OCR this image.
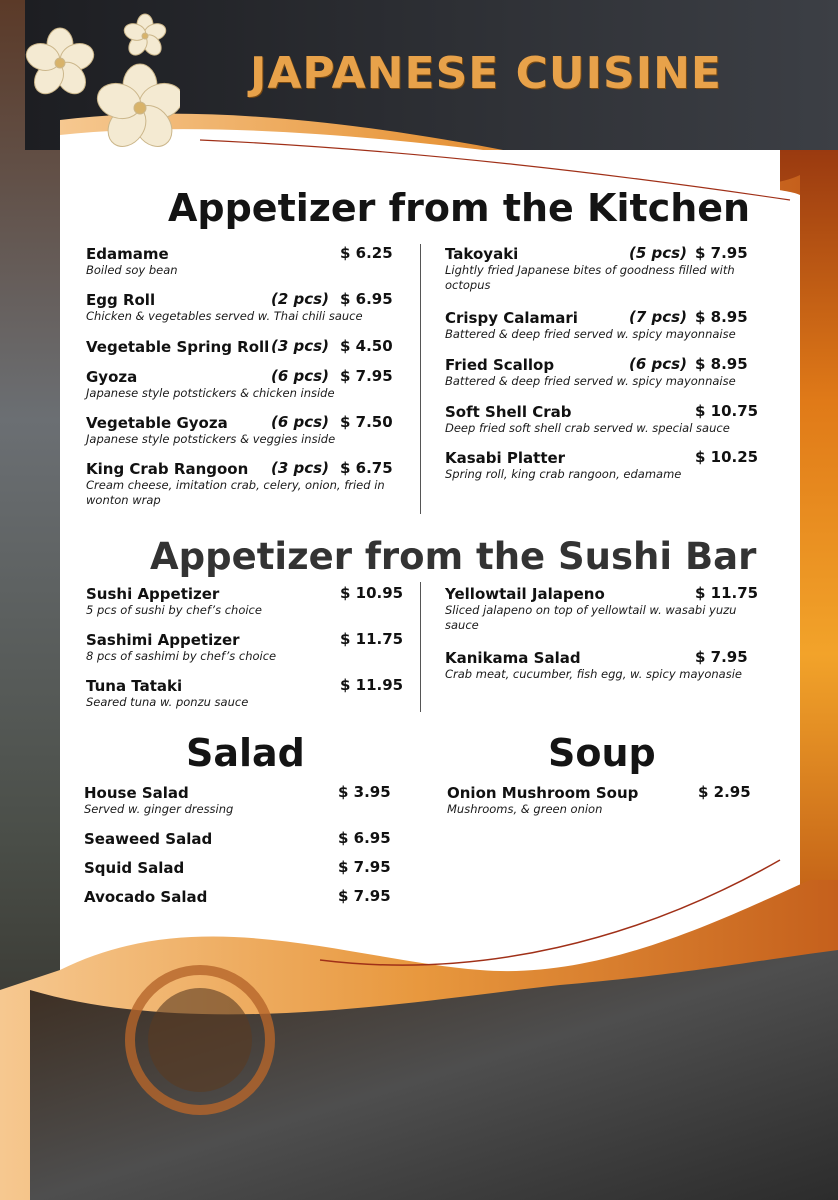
JAPANESE CUISINE
Appetizer from the Kitchen
Appetizer from the Sushi Bar
Salad	Soup
Edamame	$ 6.25
Boiled soy bean
Egg Roll	(2 pcs) $ 6.95
Chicken & vegetables served w. Thai chili sauce
Vegetable Spring Roll (3 pcs) $ 4.50
Gyoza	(6 pcs) $ 7.95
Japanese style potstickers & chicken inside
Vegetable Gyoza	(6 pcs) $ 7.50
Japanese style potstickers & veggies inside
King Crab Rangoon (3 pcs) $ 6.75
Cream cheese, imitation crab, celery, onion, fried in wonton wrap
Takoyaki	(5 pcs) $ 7.95
Lightly fried Japanese bites of goodness filled with octopus
Crispy Calamari	(7 pcs) $ 8.95
Battered & deep fried served w. spicy mayonnaise
Fried Scallop	(6 pcs) $ 8.95
Battered & deep fried served w. spicy mayonnaise
Soft Shell Crab	$ 10.75
Deep fried soft shell crab served w. special sauce
Kasabi Platter	$ 10.25
Spring roll, king crab rangoon, edamame
Sushi Appetizer	$ 10.95
5 pcs of sushi by chef’s choice
Sashimi Appetizer	$ 11.75
8 pcs of sashimi by chef’s choice
Tuna Tataki	$ 11.95
Seared tuna w. ponzu sauce
Yellowtail Jalapeno	$ 11.75
Sliced jalapeno on top of yellowtail w. wasabi yuzu sauce
Kanikama Salad	$ 7.95
Crab meat, cucumber, fish egg, w. spicy mayonasie
House Salad	$ 3.95
Served w. ginger dressing
Seaweed Salad	$ 6.95
Squid Salad	$ 7.95
Avocado Salad	$ 7.95
Onion Mushroom Soup	$ 2.95
Mushrooms, & green onion
